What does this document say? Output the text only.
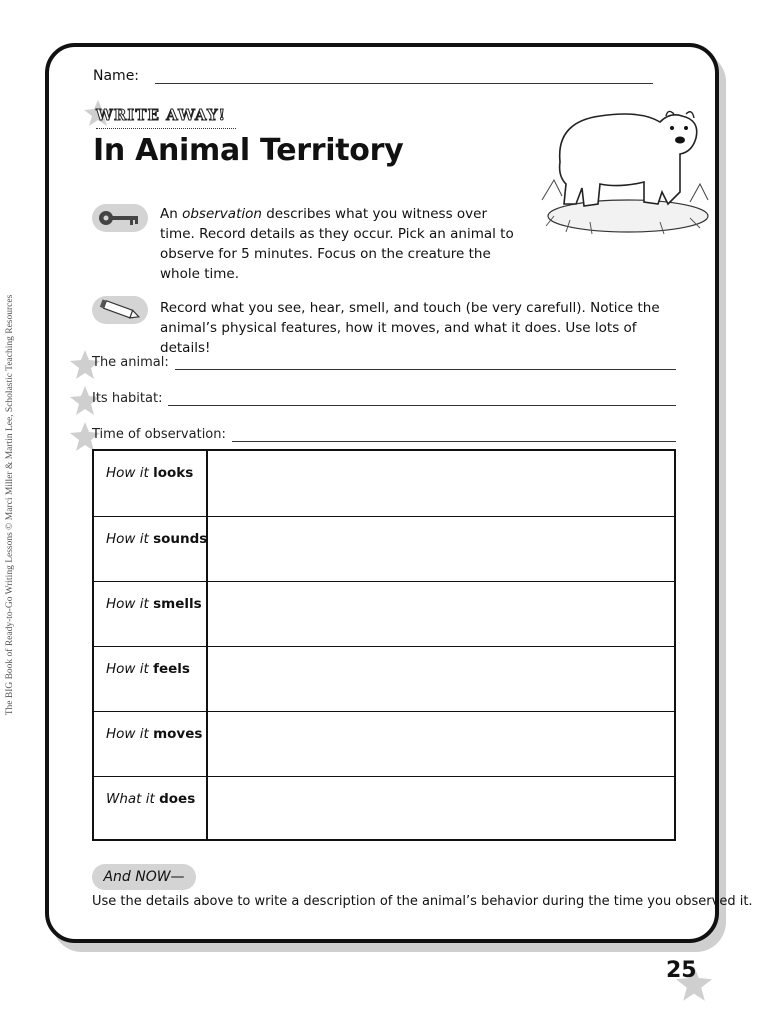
The BIG Book of Ready-to-Go Writing Lessons © Marci Miller & Martin Lee, Scholastic Teaching Resources
Name:
WRITE AWAY!
In Animal Territory
An observation describes what you witness over time. Record details as they occur. Pick an animal to observe for 5 minutes. Focus on the creature the whole time.
Record what you see, hear, smell, and touch (be very carefull). Notice the animal’s physical features, how it moves, and what it does. Use lots of details!
The animal:
Its habitat:
Time of observation:
How it looks
How it sounds
How it smells
How it feels
How it moves
What it does
And NOW—
Use the details above to write a description of the animal’s behavior during the time you observed it.
25
